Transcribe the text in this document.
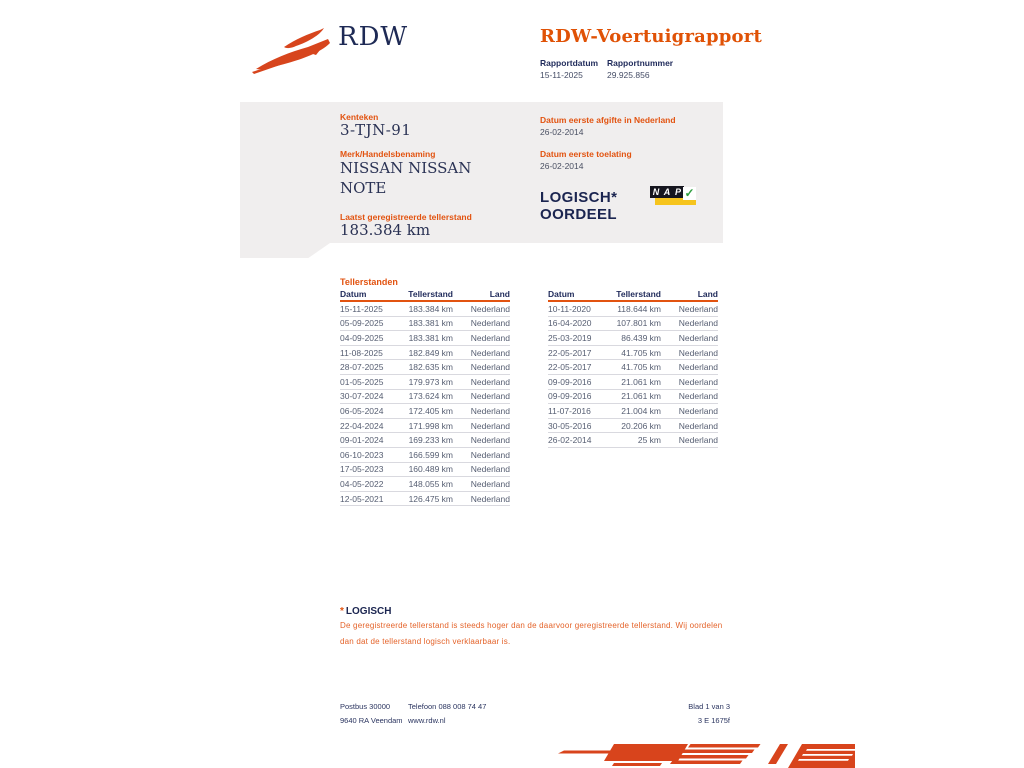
RDW	RDW-Voertuigrapport
Rapportdatum Rapportnummer
15-11-2025	29.925.856
Kenteken
3-TJN-91
Merk/Handelsbenaming
NISSAN NISSAN NOTE
Laatst geregistreerde tellerstand
183.384 km
Datum eerste afgifte in Nederland
26-02-2014
Datum eerste toelating
26-02-2014
LOGISCH*
OORDEEL
N A P ✓
Tellerstanden
Datum	Tellerstand	Land
15-11-2025	183.384 km	Nederland
05-09-2025	183.381 km	Nederland
04-09-2025	183.381 km	Nederland
11-08-2025	182.849 km	Nederland
28-07-2025	182.635 km	Nederland
01-05-2025	179.973 km	Nederland
30-07-2024	173.624 km	Nederland
06-05-2024	172.405 km	Nederland
22-04-2024	171.998 km	Nederland
09-01-2024	169.233 km	Nederland
06-10-2023	166.599 km	Nederland
17-05-2023	160.489 km	Nederland
04-05-2022	148.055 km	Nederland
12-05-2021	126.475 km	Nederland
Datum	Tellerstand	Land
10-11-2020	118.644 km	Nederland
16-04-2020	107.801 km	Nederland
25-03-2019	86.439 km	Nederland
22-05-2017	41.705 km	Nederland
22-05-2017	41.705 km	Nederland
09-09-2016	21.061 km	Nederland
09-09-2016	21.061 km	Nederland
11-07-2016	21.004 km	Nederland
30-05-2016	20.206 km	Nederland
26-02-2014	25 km	Nederland
* LOGISCH
De geregistreerde tellerstand is steeds hoger dan de daarvoor geregistreerde tellerstand. Wij oordelen dan dat de tellerstand logisch verklaarbaar is.
Postbus 30000
9640 RA Veendam
Telefoon 088 008 74 47
www.rdw.nl
Blad 1 van 3
3 E 1675f
